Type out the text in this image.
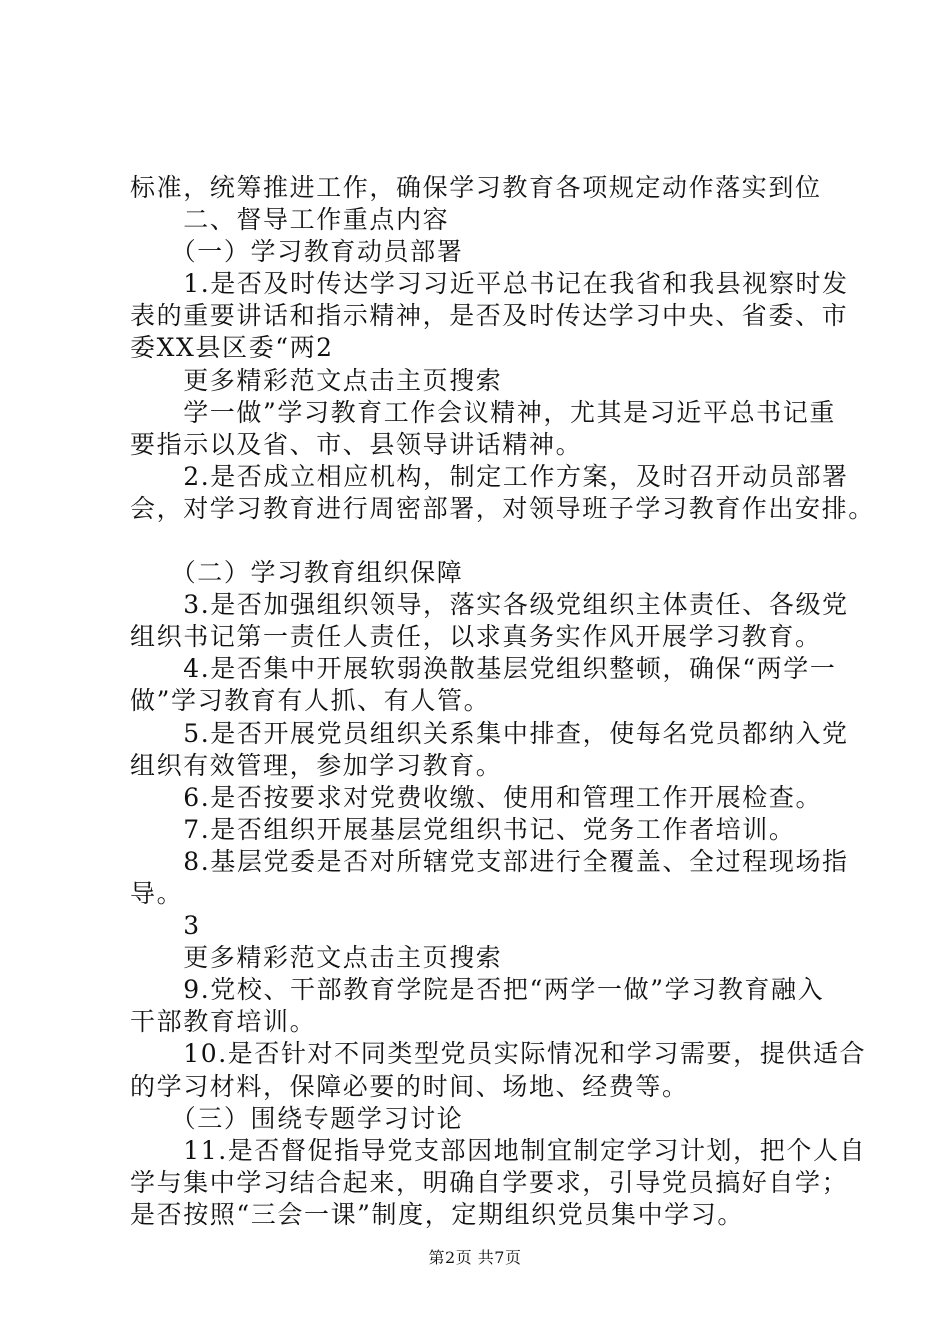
标准，统筹推进工作，确保学习教育各项规定动作落实到位
　　二、督导工作重点内容
　　（一）学习教育动员部署
　　1.是否及时传达学习习近平总书记在我省和我县视察时发
表的重要讲话和指示精神，是否及时传达学习中央、省委、市
委XX县区委“两2
　　更多精彩范文点击主页搜索
　　学一做”学习教育工作会议精神，尤其是习近平总书记重
要指示以及省、市、县领导讲话精神。
　　2.是否成立相应机构，制定工作方案，及时召开动员部署
会，对学习教育进行周密部署，对领导班子学习教育作出安排。
　　（二）学习教育组织保障
　　3.是否加强组织领导，落实各级党组织主体责任、各级党
组织书记第一责任人责任，以求真务实作风开展学习教育。
　　4.是否集中开展软弱涣散基层党组织整顿，确保“两学一
做”学习教育有人抓、有人管。
　　5.是否开展党员组织关系集中排查，使每名党员都纳入党
组织有效管理，参加学习教育。
　　6.是否按要求对党费收缴、使用和管理工作开展检查。
　　7.是否组织开展基层党组织书记、党务工作者培训。
　　8.基层党委是否对所辖党支部进行全覆盖、全过程现场指
导。
　　3
　　更多精彩范文点击主页搜索
　　9.党校、干部教育学院是否把“两学一做”学习教育融入
干部教育培训。
　　10.是否针对不同类型党员实际情况和学习需要，提供适合
的学习材料，保障必要的时间、场地、经费等。
　　（三）围绕专题学习讨论
　　11.是否督促指导党支部因地制宜制定学习计划，把个人自
学与集中学习结合起来，明确自学要求，引导党员搞好自学；
是否按照“三会一课”制度，定期组织党员集中学习。
第2页 共7页
